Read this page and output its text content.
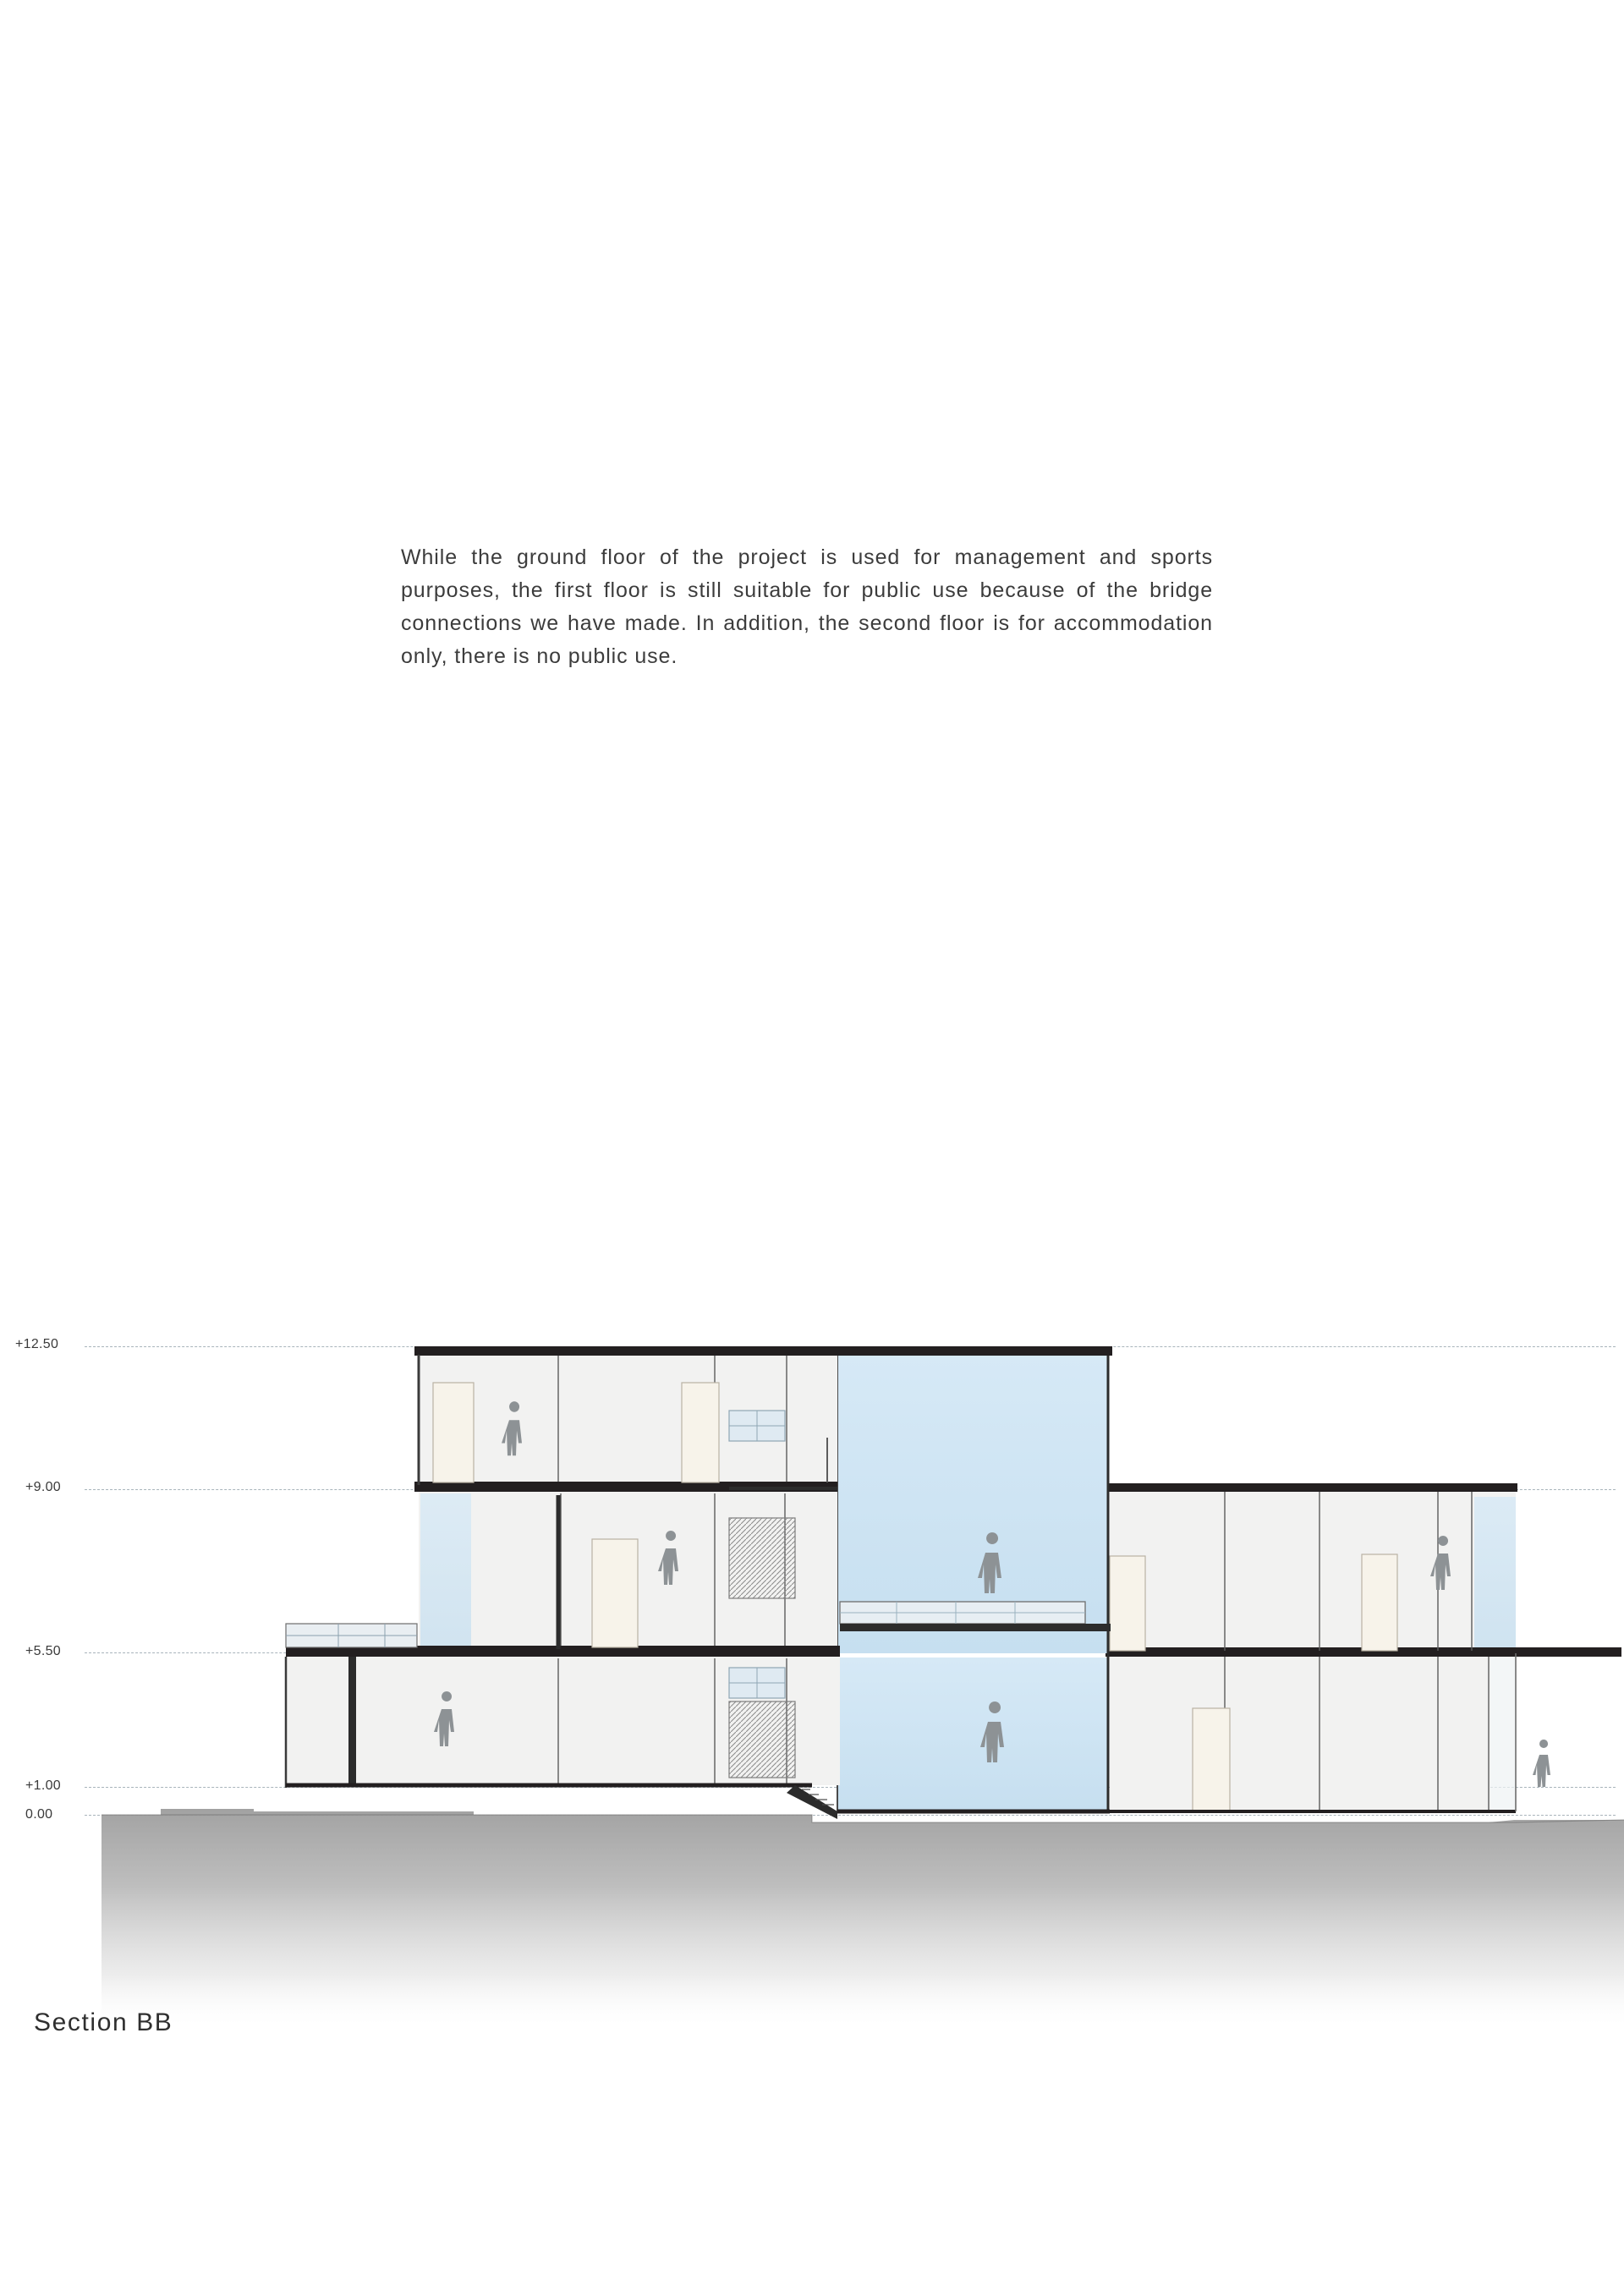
While the ground floor of the project is used for management and sports purposes, the first floor is still suitable for public use because of the bridge connections we have made. In addition, the second floor is for accommodation only, there is no public use.
+12.50
+9.00
+5.50
+1.00
0.00
Section BB
